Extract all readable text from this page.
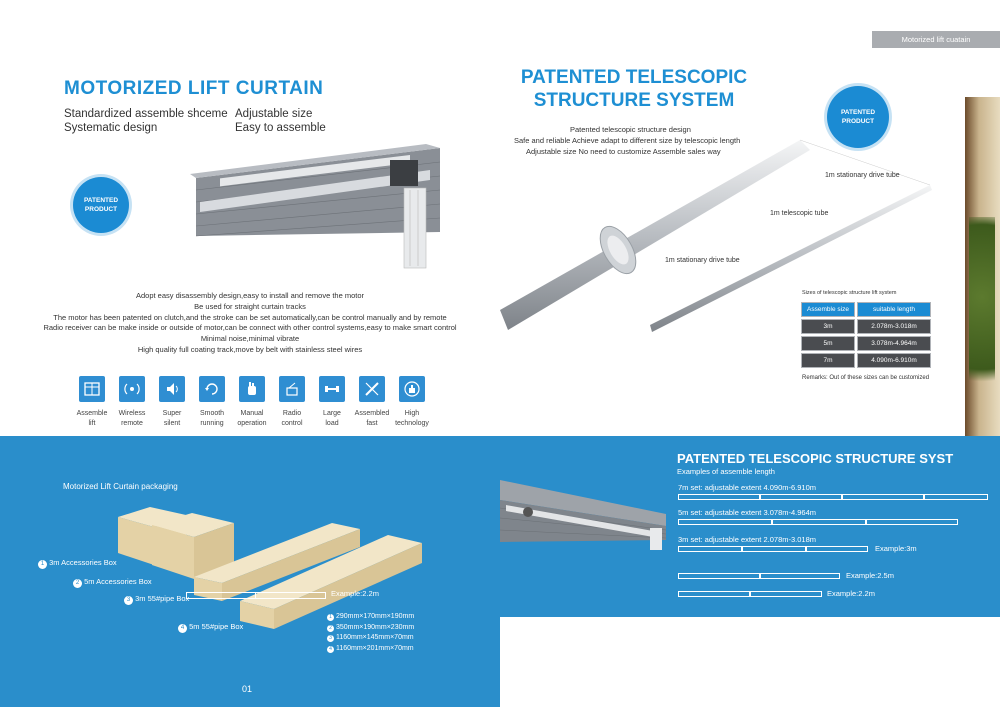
Motorized lift cuatain
MOTORIZED LIFT CURTAIN
Standardized assemble shceme Adjustable size
Systematic design	Easy to assemble
PATENTED
PRODUCT
Adopt easy disassembly design,easy to install and remove the motor
Be used for straight curtain tracks
The motor has been patented on clutch,and the stroke can be set automatically,can be control manually and by remote
Radio receiver can be make inside or outside of motor,can be connect with other control systems,easy to make smart control
Minimal noise,minimal vibrate
High quality full coating track,move by belt with stainless steel wires
Assemble
lift
Wireless
remote
Super
silent
Smooth
running
Manual
operation
Radio
control
Large
load
Assembled
fast
High
technology
Motorized Lift Curtain packaging
1 3m Accessories Box
2 5m Accessories Box
3 3m 55#pipe Box
4 5m 55#pipe Box
Example:2.2m
1 290mm×170mm×190mm
2 350mm×190mm×230mm
3 1160mm×145mm×70mm
4 1160mm×201mm×70mm
01
PATENTED TELESCOPIC
STRUCTURE SYSTEM
Patented telescopic structure design
Safe and reliable Achieve adapt to different size by telescopic length
Adjustable size No need to customize Assemble sales way
PATENTED
PRODUCT
1m stationary drive tube
1m telescopic tube
1m stationary drive tube
Sizes of telescopic structure lift system
Assemble size	suitable length
3m	2.078m-3.018m
5m	3.078m-4.964m
7m	4.090m-6.910m
Remarks: Out of these sizes can be customized
PATENTED TELESCOPIC STRUCTURE SYST
Examples of assemble length
7m set: adjustable extent 4.090m-6.910m
5m set: adjustable extent 3.078m-4.964m
3m set: adjustable extent 2.078m-3.018m
Example:3m
Example:2.5m
Example:2.2m
